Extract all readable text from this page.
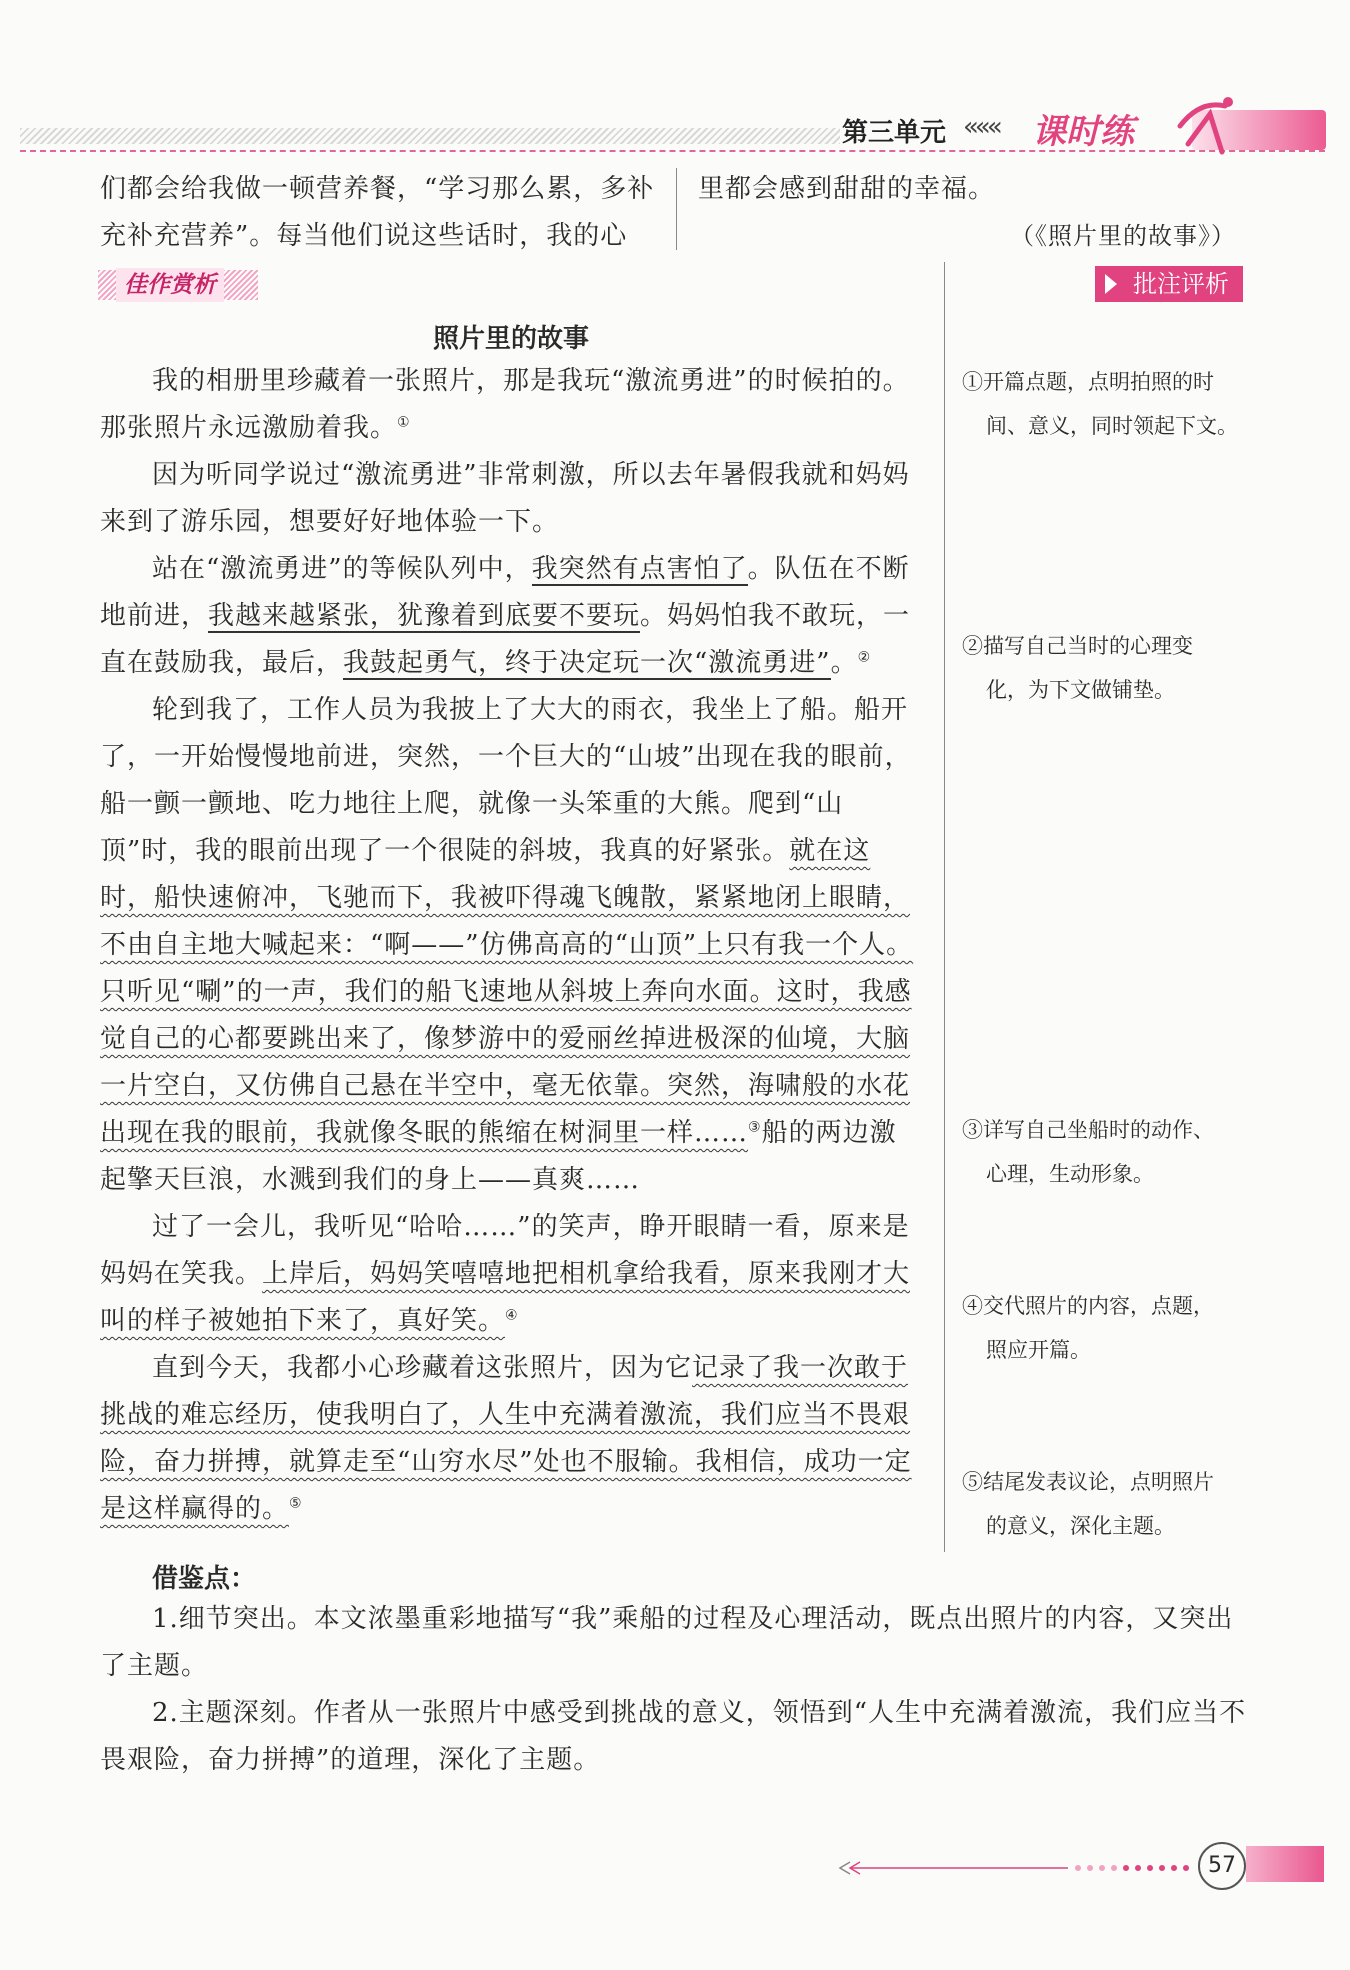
第三单元 ««« 课时练
们都会给我做一顿营养餐，“学习那么累，多补
充补充营养”。每当他们说这些话时，我的心
里都会感到甜甜的幸福。
（《照片里的故事》）
佳作赏析	批注评析
照片里的故事

我的相册里珍藏着一张照片，那是我玩“激流勇进”的时候拍的。那张照片永远激励着我。①

因为听同学说过“激流勇进”非常刺激，所以去年暑假我就和妈妈来到了游乐园，想要好好地体验一下。

站在“激流勇进”的等候队列中，我突然有点害怕了。队伍在不断地前进，我越来越紧张，犹豫着到底要不要玩。妈妈怕我不敢玩，一直在鼓励我，最后，我鼓起勇气，终于决定玩一次“激流勇进”。②

轮到我了，工作人员为我披上了大大的雨衣，我坐上了船。船开了，一开始慢慢地前进，突然，一个巨大的“山坡”出现在我的眼前，船一颤一颤地、吃力地往上爬，就像一头笨重的大熊。爬到“山顶”时，我的眼前出现了一个很陡的斜坡，我真的好紧张。就在这时，船快速俯冲，飞驰而下，我被吓得魂飞魄散，紧紧地闭上眼睛，不由自主地大喊起来：“啊——”仿佛高高的“山顶”上只有我一个人。只听见“唰”的一声，我们的船飞速地从斜坡上奔向水面。这时，我感觉自己的心都要跳出来了，像梦游中的爱丽丝掉进极深的仙境，大脑一片空白，又仿佛自己悬在半空中，毫无依靠。突然，海啸般的水花出现在我的眼前，我就像冬眠的熊缩在树洞里一样……③船的两边激起擎天巨浪，水溅到我们的身上——真爽……

过了一会儿，我听见“哈哈……”的笑声，睁开眼睛一看，原来是妈妈在笑我。上岸后，妈妈笑嘻嘻地把相机拿给我看，原来我刚才大叫的样子被她拍下来了，真好笑。④

直到今天，我都小心珍藏着这张照片，因为它记录了我一次敢于挑战的难忘经历，使我明白了，人生中充满着激流，我们应当不畏艰险，奋力拼搏，就算走至“山穷水尽”处也不服输。我相信，成功一定是这样赢得的。⑤

①开篇点题，点明拍照的时
间、意义，同时领起下文。
②描写自己当时的心理变
化，为下文做铺垫。
③详写自己坐船时的动作、
心理，生动形象。
④交代照片的内容，点题，
照应开篇。
⑤结尾发表议论，点明照片
的意义，深化主题。
借鉴点：

1.细节突出。本文浓墨重彩地描写“我”乘船的过程及心理活动，既点出照片的内容，又突出了主题。

2.主题深刻。作者从一张照片中感受到挑战的意义，领悟到“人生中充满着激流，我们应当不畏艰险，奋力拼搏”的道理，深化了主题。

57
